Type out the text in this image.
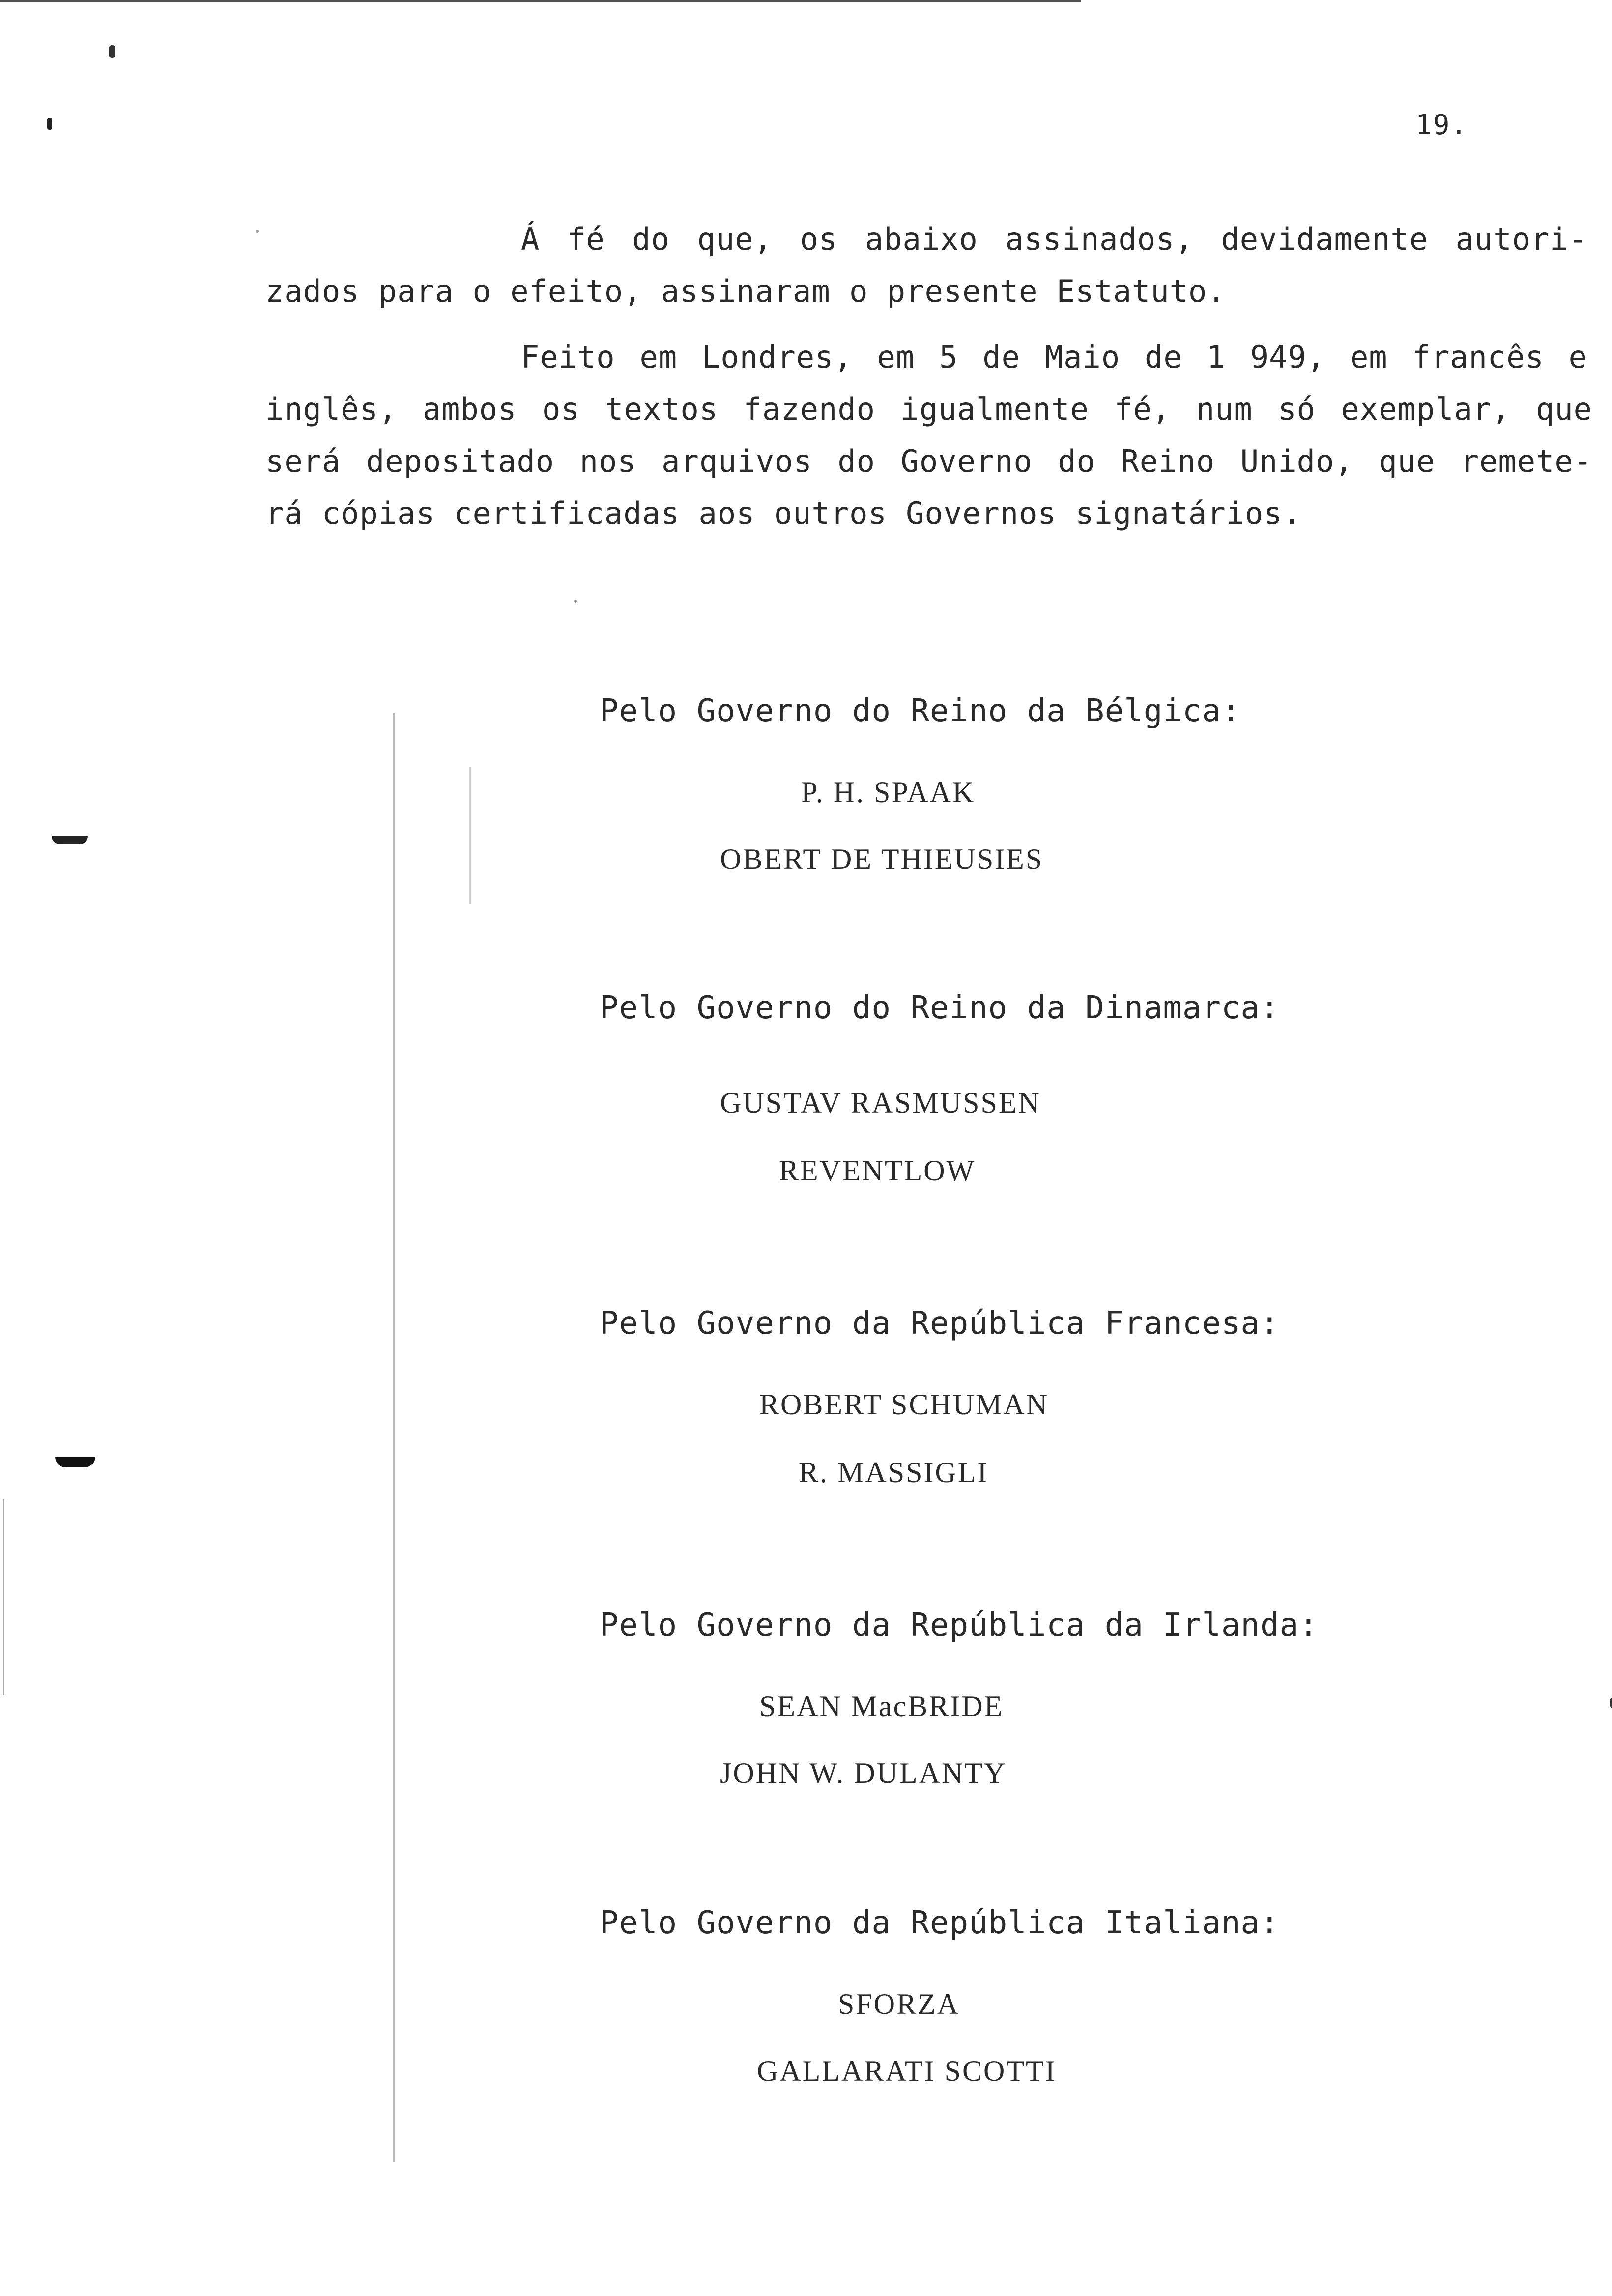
19.
Á fé do que, os abaixo assinados, devidamente autori-
zados para o efeito, assinaram o presente Estatuto.
Feito em Londres, em 5 de Maio de 1 949, em francês e
inglês, ambos os textos fazendo igualmente fé, num só exemplar, que
será depositado nos arquivos do Governo do Reino Unido, que remete-
rá cópias certificadas aos outros Governos signatários.
Pelo Governo do Reino da Bélgica:
P. H. SPAAK
OBERT DE THIEUSIES
Pelo Governo do Reino da Dinamarca:
GUSTAV RASMUSSEN
REVENTLOW
Pelo Governo da República Francesa:
ROBERT SCHUMAN
R. MASSIGLI
Pelo Governo da República da Irlanda:
SEAN MacBRIDE
JOHN W. DULANTY
Pelo Governo da República Italiana:
SFORZA
GALLARATI SCOTTI
